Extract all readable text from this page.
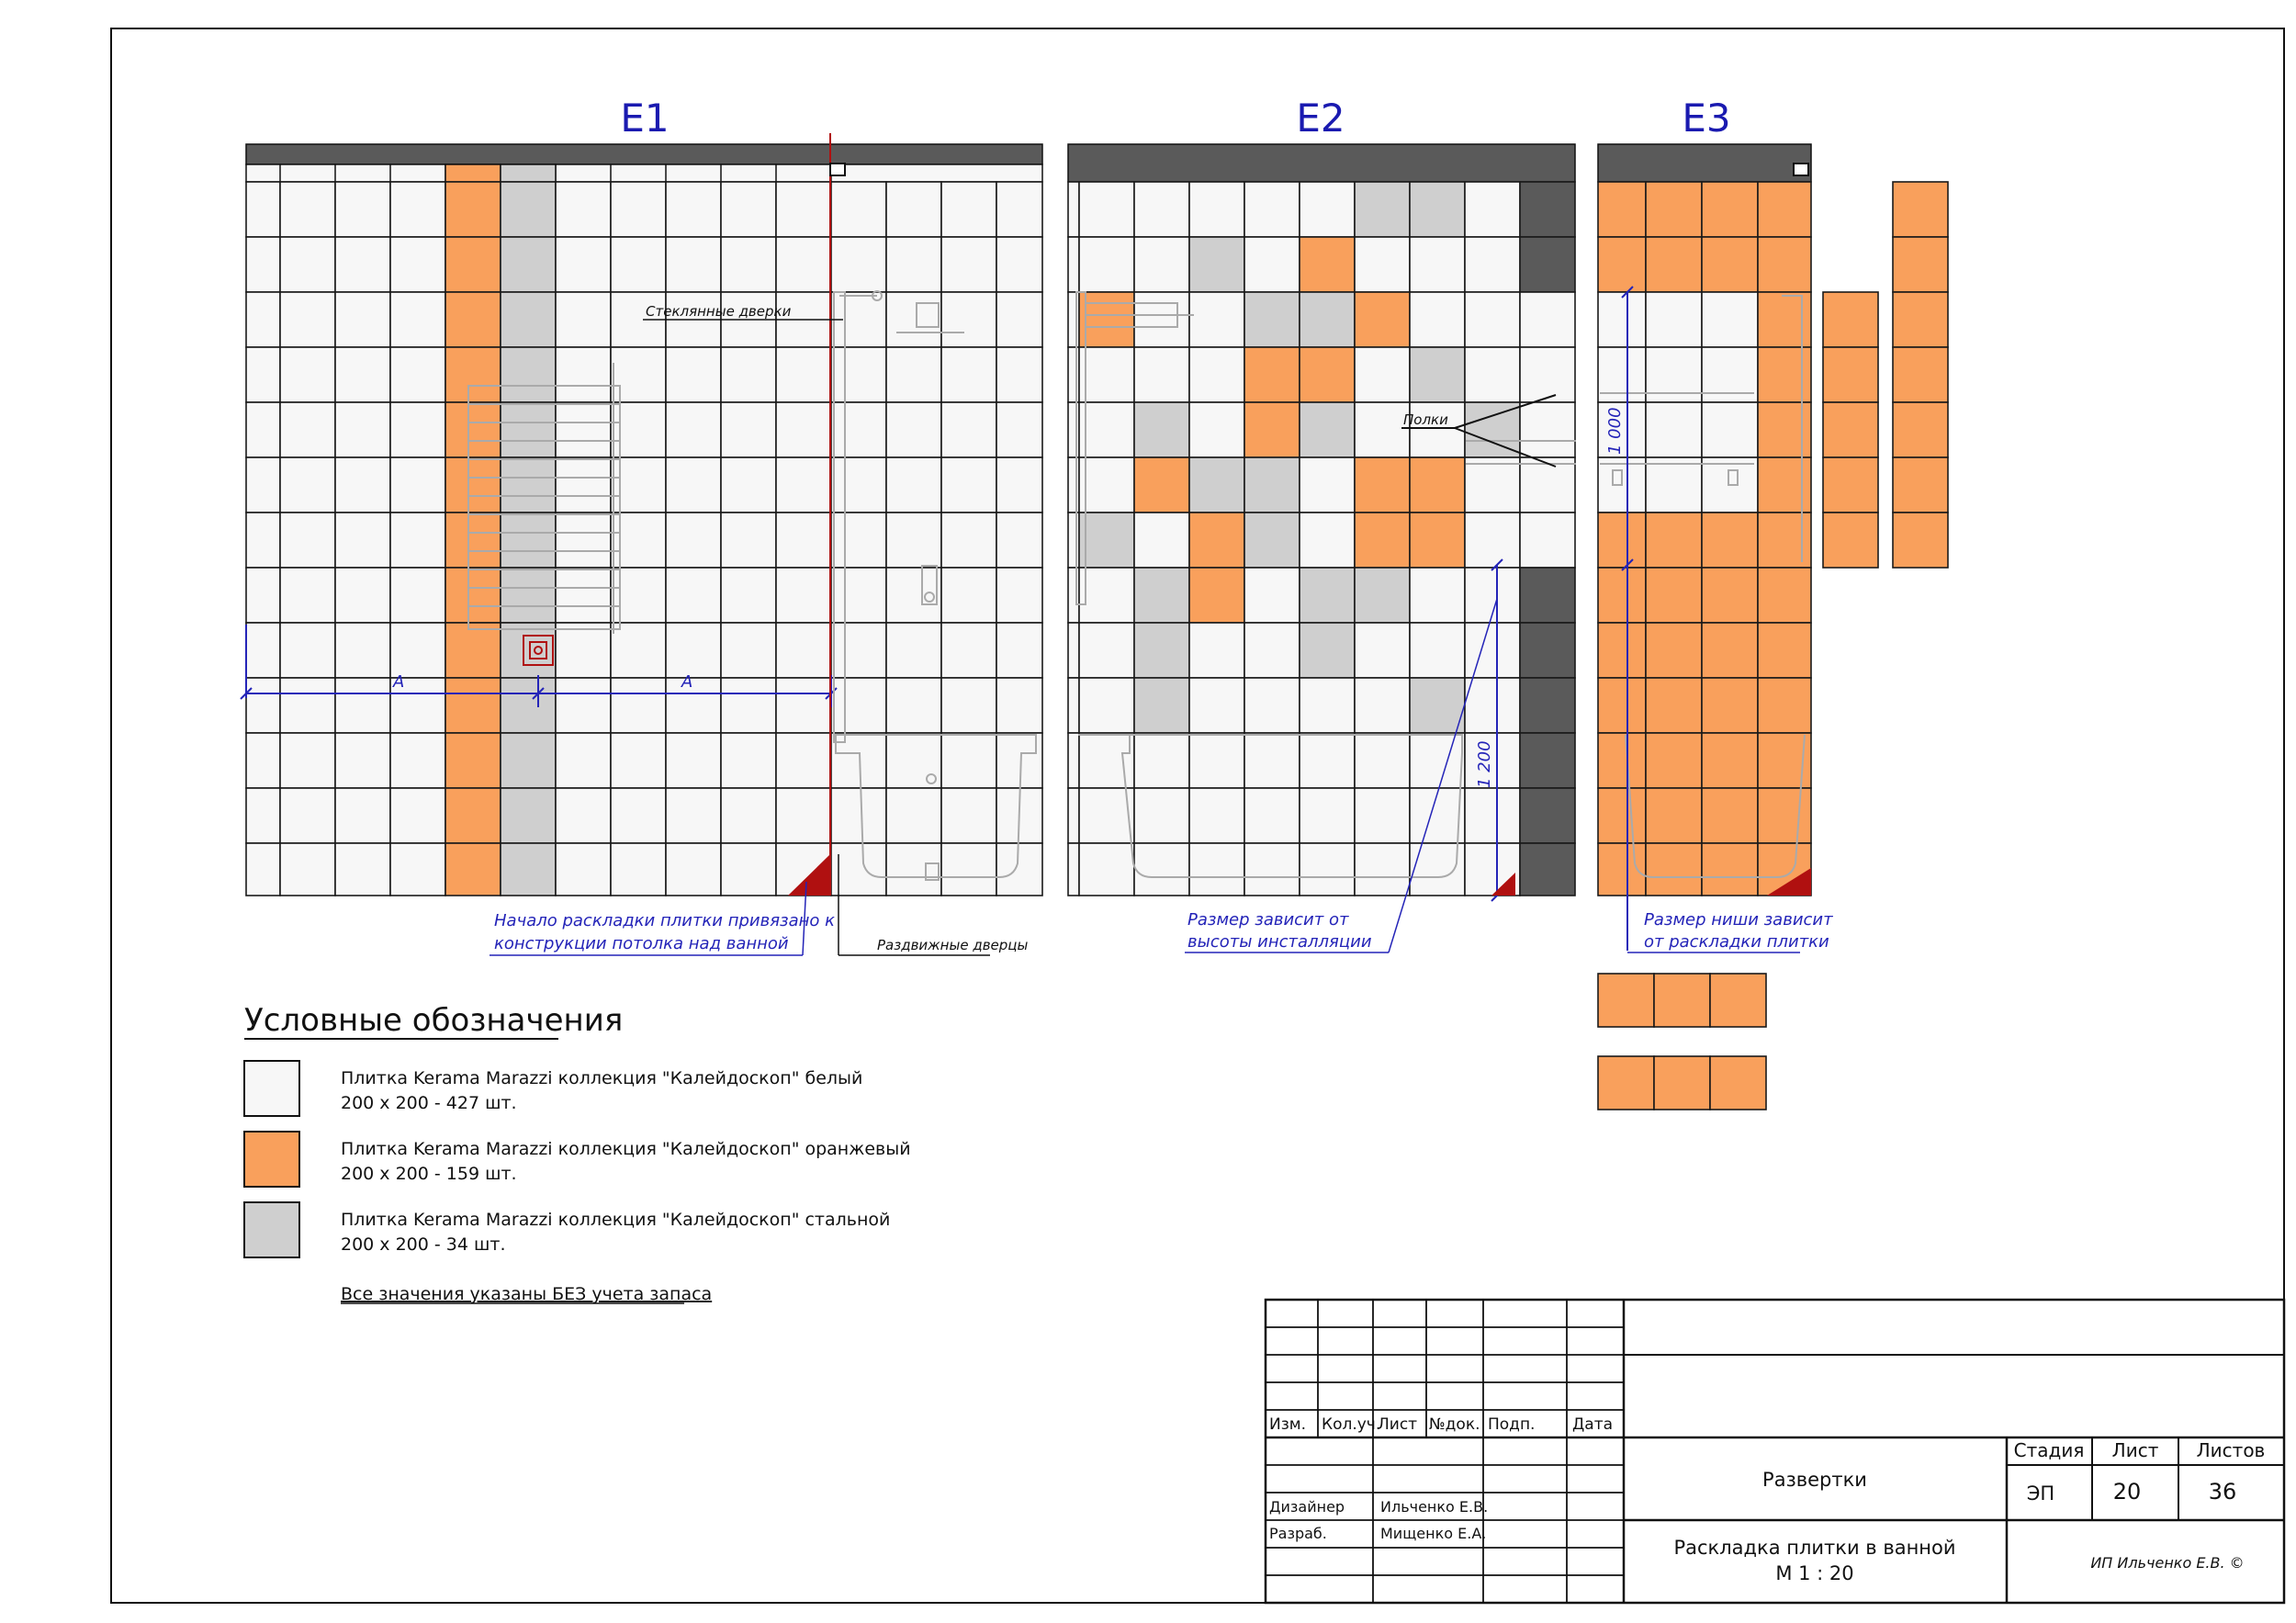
E1	E2	E3
A	A
Стеклянные дверки
Раздвижные дверцы
Начало раскладки плитки привязано к
конструкции потолка над ванной
Полки
1 200
Размер зависит от
высоты инсталляции
1 000
Размер ниши зависит
от раскладки плитки
Условные обозначения
Плитка Kerama Marazzi коллекция "Калейдоскоп" белый
200 x 200 - 427 шт.
Плитка Kerama Marazzi коллекция "Калейдоскоп" оранжевый
200 x 200 - 159 шт.
Плитка Kerama Marazzi коллекция "Калейдоскоп" стальной
200 x 200 - 34 шт.
Все значения указаны БЕЗ учета запаса
Изм. Кол.уч.
Лист №док. Подп. Дата
Дизайнер Ильченко Е.В.
Разраб.	Мищенко Е.А.
Развертки
Раскладка плитки в ванной
М 1 : 20
Стадия Лист Листов
ЭП	20	36
ИП Ильченко Е.В. ©
